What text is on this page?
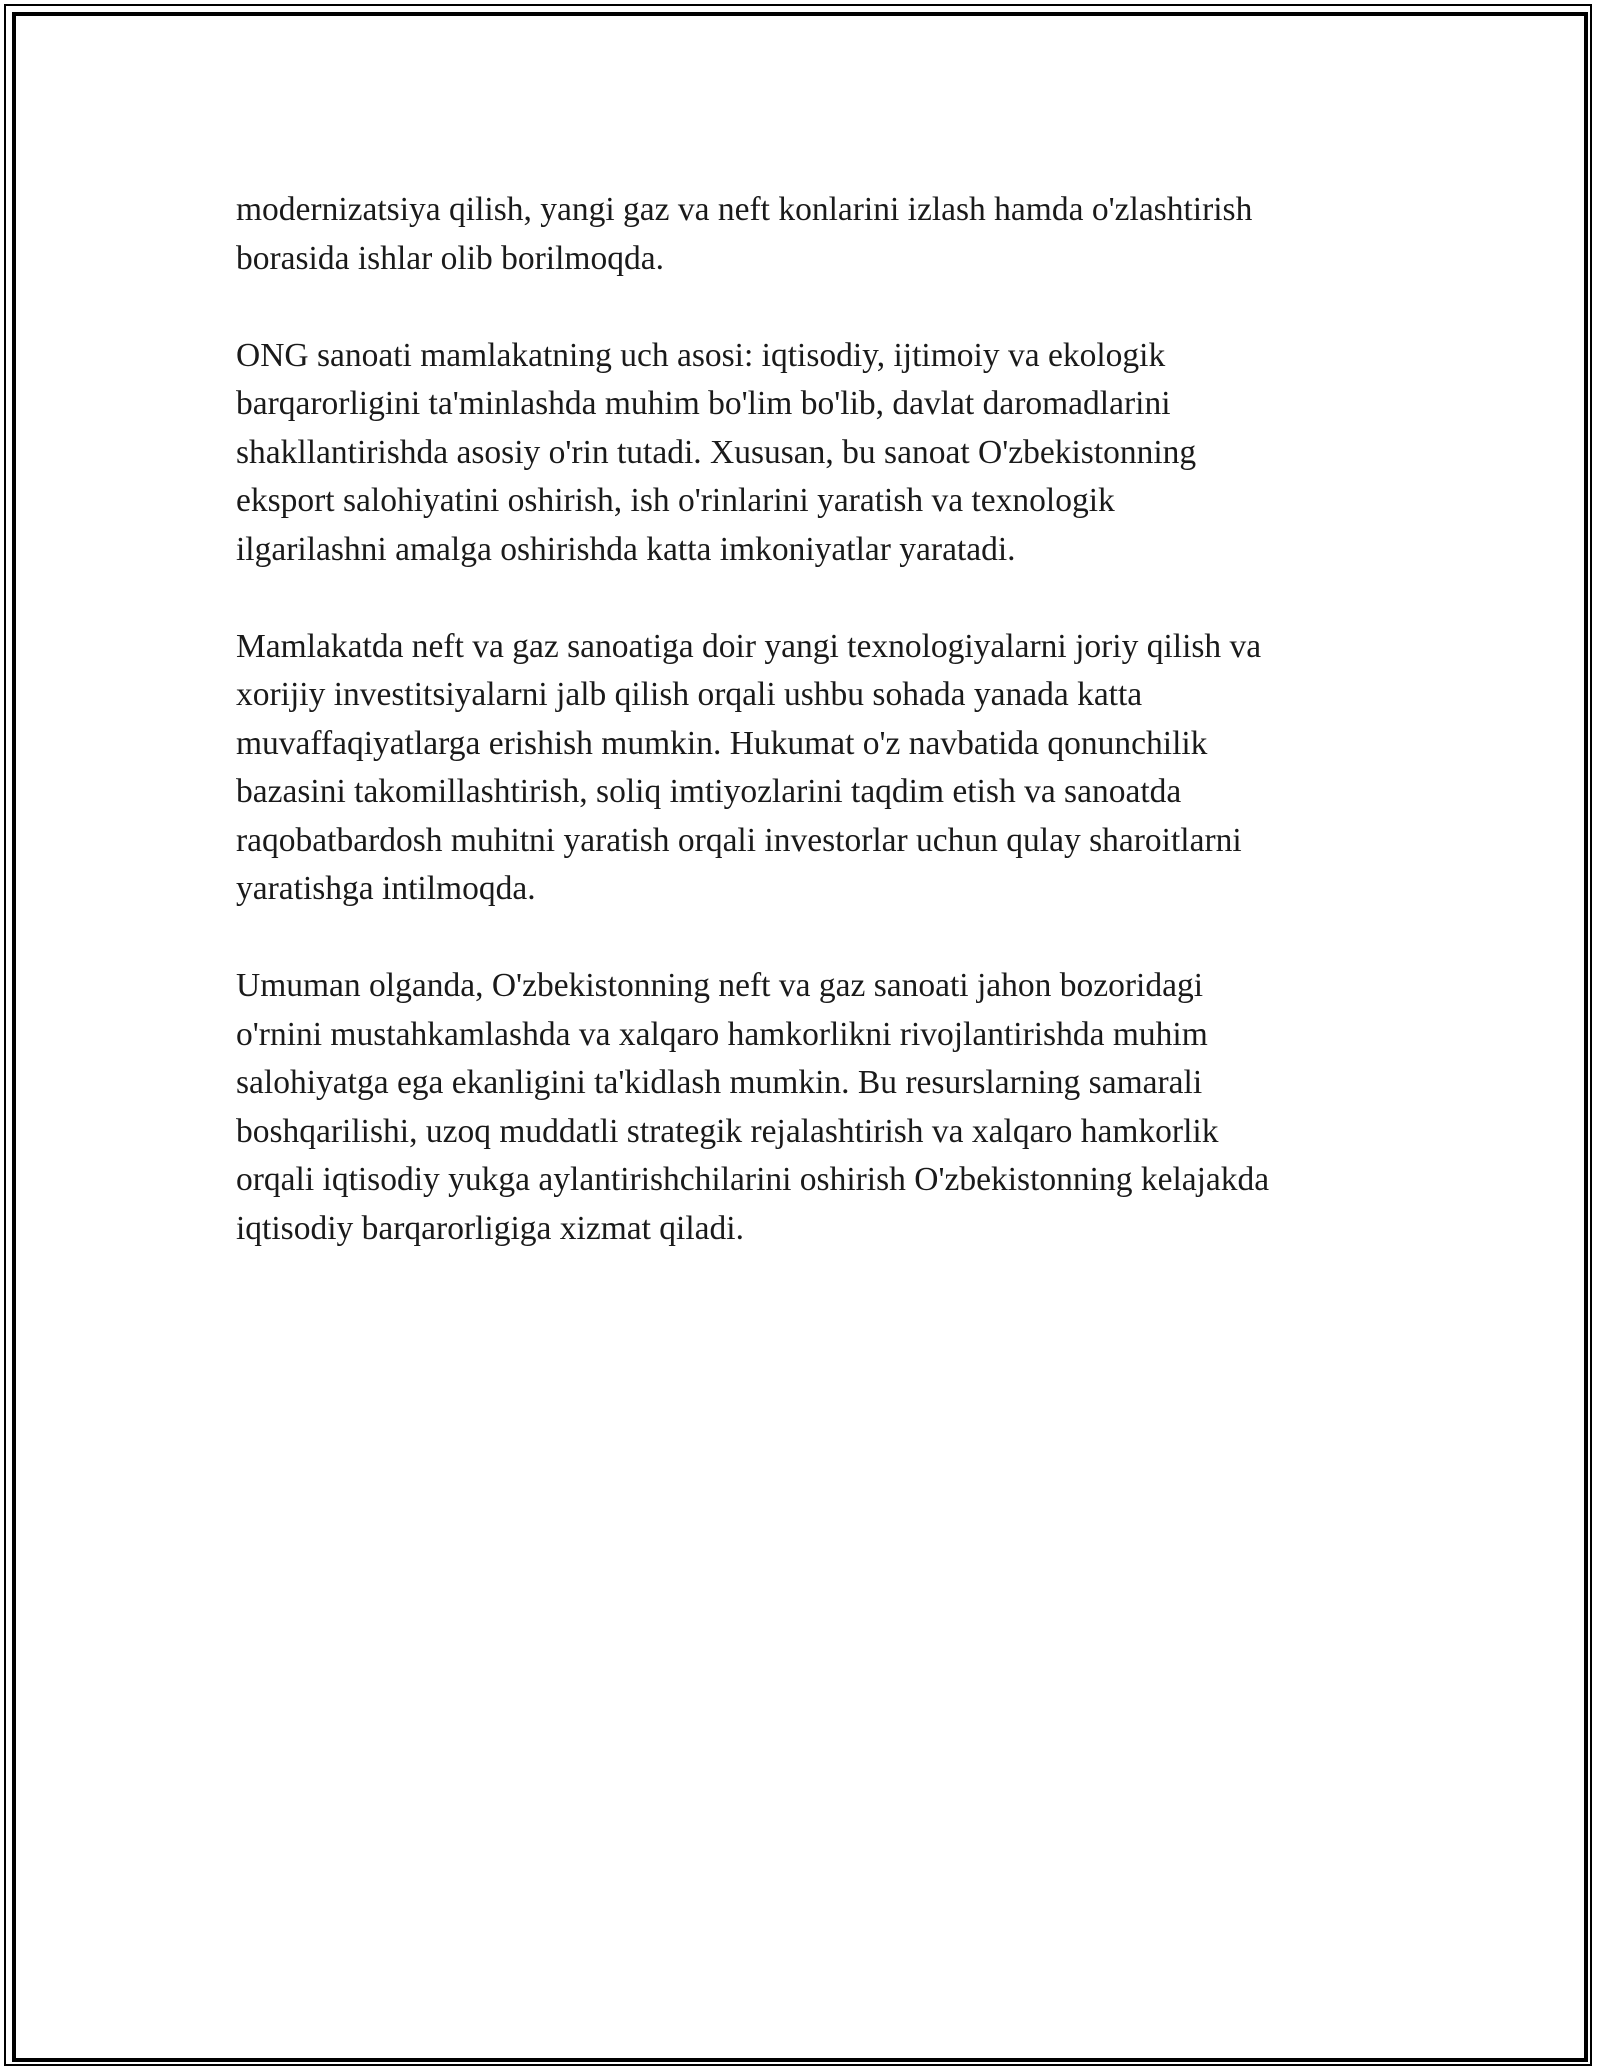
modernizatsiya qilish, yangi gaz va neft konlarini izlash hamda o'zlashtirish
borasida ishlar olib borilmoqda.

ONG sanoati mamlakatning uch asosi: iqtisodiy, ijtimoiy va ekologik
barqarorligini ta'minlashda muhim bo'lim bo'lib, davlat daromadlarini
shakllantirishda asosiy o'rin tutadi. Xususan, bu sanoat O'zbekistonning
eksport salohiyatini oshirish, ish o'rinlarini yaratish va texnologik
ilgarilashni amalga oshirishda katta imkoniyatlar yaratadi.

Mamlakatda neft va gaz sanoatiga doir yangi texnologiyalarni joriy qilish va
xorijiy investitsiyalarni jalb qilish orqali ushbu sohada yanada katta
muvaffaqiyatlarga erishish mumkin. Hukumat o'z navbatida qonunchilik
bazasini takomillashtirish, soliq imtiyozlarini taqdim etish va sanoatda
raqobatbardosh muhitni yaratish orqali investorlar uchun qulay sharoitlarni
yaratishga intilmoqda.

Umuman olganda, O'zbekistonning neft va gaz sanoati jahon bozoridagi
o'rnini mustahkamlashda va xalqaro hamkorlikni rivojlantirishda muhim
salohiyatga ega ekanligini ta'kidlash mumkin. Bu resurslarning samarali
boshqarilishi, uzoq muddatli strategik rejalashtirish va xalqaro hamkorlik
orqali iqtisodiy yukga aylantirishchilarini oshirish O'zbekistonning kelajakda
iqtisodiy barqarorligiga xizmat qiladi.
